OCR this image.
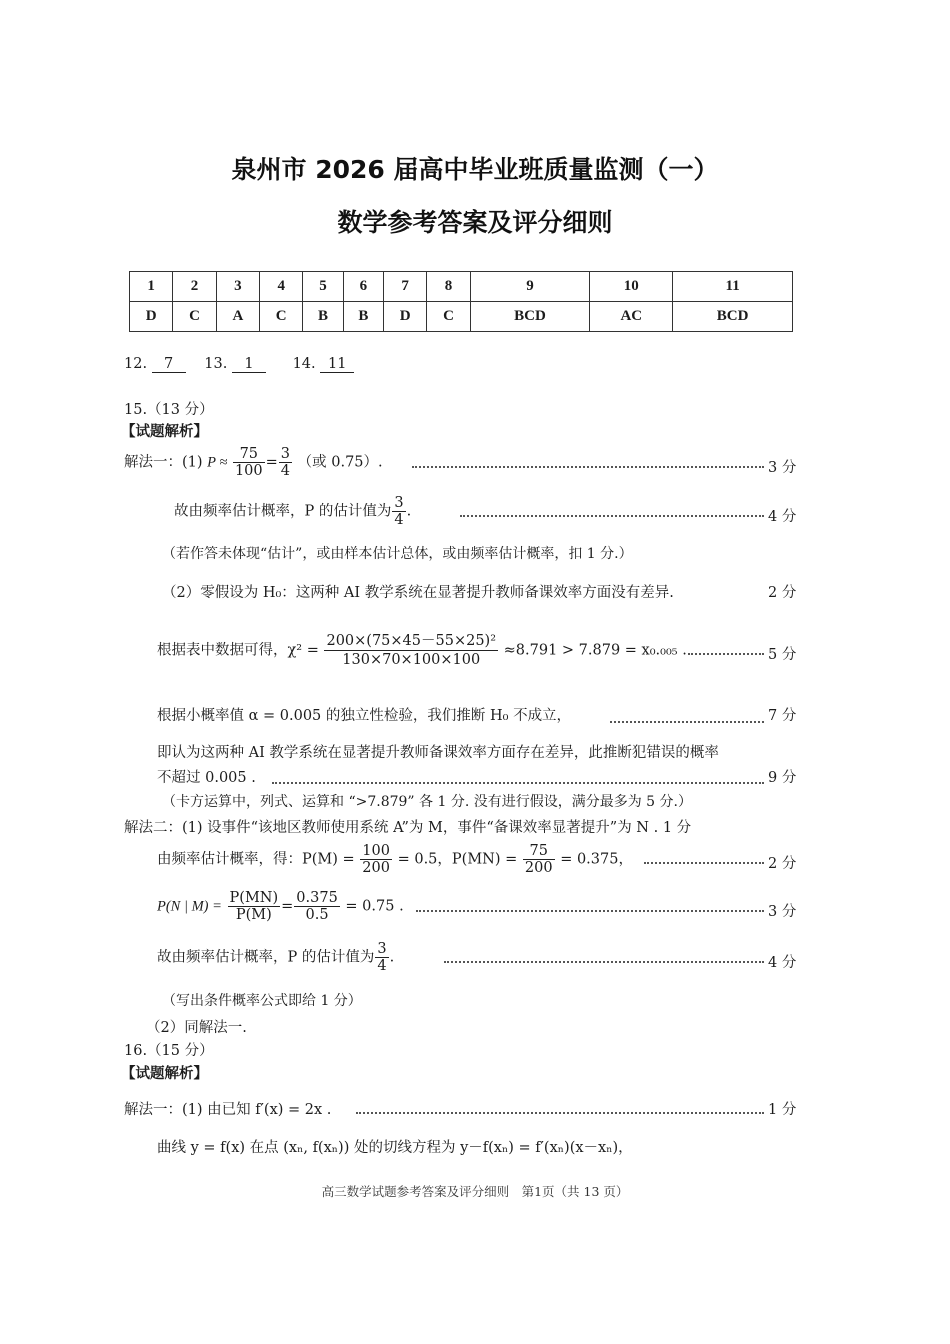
泉州市 2026 届高中毕业班质量监测（一）
数学参考答案及评分细则
1	2	3	4	5	6	7	8	9	10	11
D	C	A	C	B	B	D	C	BCD	AC	BCD
12. 7 13. 1	14. 11
15.（13 分）
【试题解析】
解法一：(1) $P \approx \frac{75}{100} = \frac{3}{4}$ （或 0.75）.	3 分
故由频率估计概率，P 的估计值为 $\frac{3}{4}$ .	4 分
（若作答未体现“估计”，或由样本估计总体，或由频率估计概率，扣 1 分.）
（2）零假设为 H₀：这两种 AI 教学系统在显著提升教师备课效率方面没有差异.	2 分
根据表中数据可得，$\chi^2 = \frac{\text{200×(75×45－55×25)²}}{130\times 70\times 100\times 100} \approx 8.791 > 7.879 = x_0._{005}$ .	5 分
根据小概率值 α = 0.005 的独立性检验，我们推断 H₀ 不成立，	7 分
即认为这两种 AI 教学系统在显著提升教师备课效率方面存在差异，此推断犯错误的概率
不超过 0.005 .	9 分
（卡方运算中，列式、运算和 “>7.879” 各 1 分. 没有进行假设，满分最多为 5 分.）
解法二：(1) 设事件“该地区教师使用系统 A”为 M，事件“备课效率显著提升”为 N . 1 分
由频率估计概率，得：$P(M) = \frac{100}{200} = 0.5$，$P(MN) = \frac{75}{200} = 0.375$，	2 分
P(N | $M) = \frac{P(MN)}{P(M)} = \frac{0.375}{0.5} = 0.75$ .	3 分
故由频率估计概率，P 的估计值为 $\frac{3}{4}$ .	4 分
（写出条件概率公式即给 1 分）
（2）同解法一.
16.（15 分）
【试题解析】
解法一：(1) 由已知 f′(x) = 2x .	1 分
曲线 y = f(x) 在点 (xₙ, f(xₙ)) 处的切线方程为 y－f(xₙ) = f′(xₙ)(x－xₙ)，
高三数学试题参考答案及评分细则　第1页（共 13 页）
